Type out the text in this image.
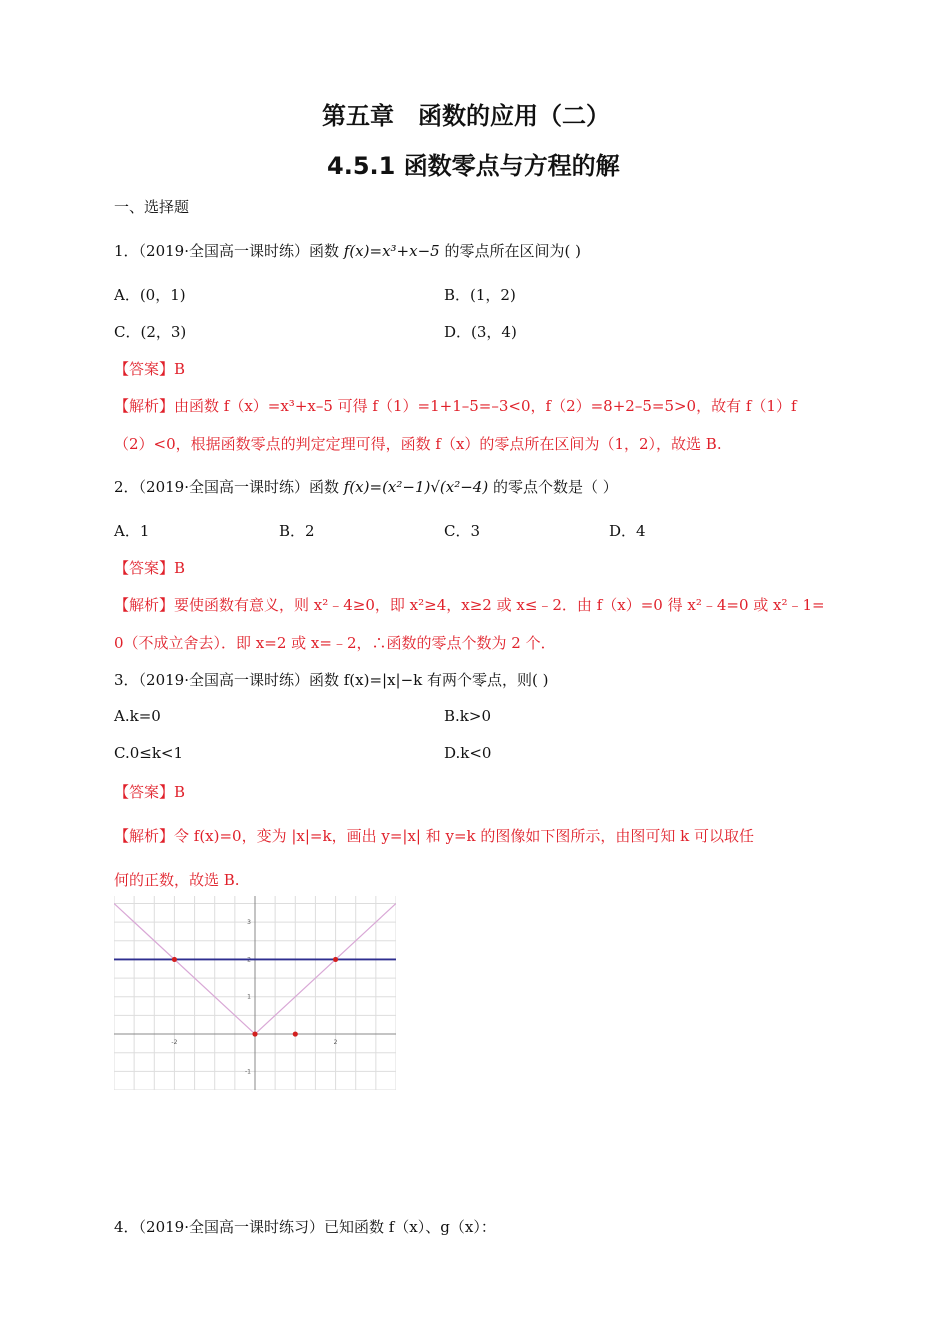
第五章　函数的应用（二）
4.5.1 函数零点与方程的解
一、选择题
1．（2019·全国高一课时练）函数 f(x)=x³+x−5 的零点所在区间为( )
A．(0，1)	B．(1，2)
C．(2，3)	D．(3，4)
【答案】B
【解析】由函数 f（x）=x³+x–5 可得 f（1）=1+1–5=–3<0，f（2）=8+2–5=5>0，故有 f（1）f
（2）<0，根据函数零点的判定定理可得，函数 f（x）的零点所在区间为（1，2），故选 B.
2．（2019·全国高一课时练）函数 f(x)=(x²−1)√(x²−4) 的零点个数是（ ）
A．1	B．2	C．3	D．4
【答案】B
【解析】要使函数有意义，则 x²﹣4≥0，即 x²≥4，x≥2 或 x≤﹣2．由 f（x）=0 得 x²﹣4=0 或 x²﹣1=
0（不成立舍去）．即 x=2 或 x=﹣2，∴函数的零点个数为 2 个．
3．（2019·全国高一课时练）函数 f(x)=|x|−k 有两个零点，则( )
A.k=0	B.k>0
C.0≤k<1	D.k<0
【答案】B
【解析】令 f(x)=0，变为 |x|=k，画出 y=|x| 和 y=k 的图像如下图所示，由图可知 k 可以取任
何的正数，故选 B.
-2	2
3
2
1
-1
4．（2019·全国高一课时练习）已知函数 f（x）、g（x）：
